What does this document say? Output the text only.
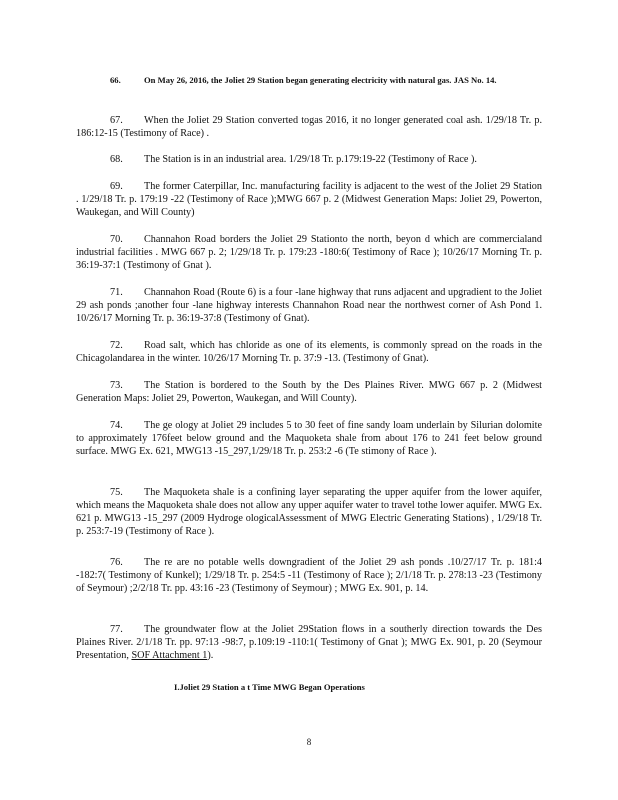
66.	On May 26, 2016, the Joliet 29 Station began generating electricity with natural gas. JAS No. 14.
67. When the Joliet 29 Station converted togas 2016, it no longer generated coal ash. 1/29/18 Tr. p. 186:12-15 (Testimony of Race) .
68. The Station is in an industrial area. 1/29/18 Tr. p.179:19-22 (Testimony of Race ).
69. The former Caterpillar, Inc. manufacturing facility is adjacent to the west of the Joliet 29 Station . 1/29/18 Tr. p. 179:19 -22 (Testimony of Race );MWG 667 p. 2 (Midwest Generation Maps: Joliet 29, Powerton, Waukegan, and Will County)
70. Channahon Road borders the Joliet 29 Stationto the north, beyon d which are commercialand industrial facilities . MWG 667 p. 2; 1/29/18 Tr. p. 179:23 -180:6( Testimony of Race ); 10/26/17 Morning Tr. p. 36:19-37:1 (Testimony of Gnat ).
71. Channahon Road (Route 6) is a four -lane highway that runs adjacent and upgradient to the Joliet 29 ash ponds ;another four -lane highway interests Channahon Road near the northwest corner of Ash Pond 1. 10/26/17 Morning Tr. p. 36:19-37:8 (Testimony of Gnat).
72. Road salt, which has chloride as one of its elements, is commonly spread on the roads in the Chicagolandarea in the winter. 10/26/17 Morning Tr. p. 37:9 -13. (Testimony of Gnat).
73. The Station is bordered to the South by the Des Plaines River. MWG 667 p. 2 (Midwest Generation Maps: Joliet 29, Powerton, Waukegan, and Will County).
74. The ge ology at Joliet 29 includes 5 to 30 feet of fine sandy loam underlain by Silurian dolomite to approximately 176feet below ground and the Maquoketa shale from about 176 to 241 feet below ground surface. MWG Ex. 621, MWG13 -15_297,1/29/18 Tr. p. 253:2 -6 (Te stimony of Race ).
75. The Maquoketa shale is a confining layer separating the upper aquifer from the lower aquifer, which means the Maquoketa shale does not allow any upper aquifer water to travel tothe lower aquifer. MWG Ex. 621 p. MWG13 -15_297 (2009 Hydroge ologicalAssessment of MWG Electric Generating Stations) , 1/29/18 Tr. p. 253:7-19 (Testimony of Race ).
76. The re are no potable wells downgradient of the Joliet 29 ash ponds .10/27/17 Tr. p. 181:4 -182:7( Testimony of Kunkel); 1/29/18 Tr. p. 254:5 -11 (Testimony of Race ); 2/1/18 Tr. p. 278:13 -23 (Testimony of Seymour) ;2/2/18 Tr. pp. 43:16 -23 (Testimony of Seymour) ; MWG Ex. 901, p. 14.
77. The groundwater flow at the Joliet 29Station flows in a southerly direction towards the Des Plaines River. 2/1/18 Tr. pp. 97:13 -98:7, p.109:19 -110:1( Testimony of Gnat ); MWG Ex. 901, p. 20 (Seymour Presentation, SOF Attachment 1).
I.Joliet 29 Station a t Time MWG Began Operations
8
